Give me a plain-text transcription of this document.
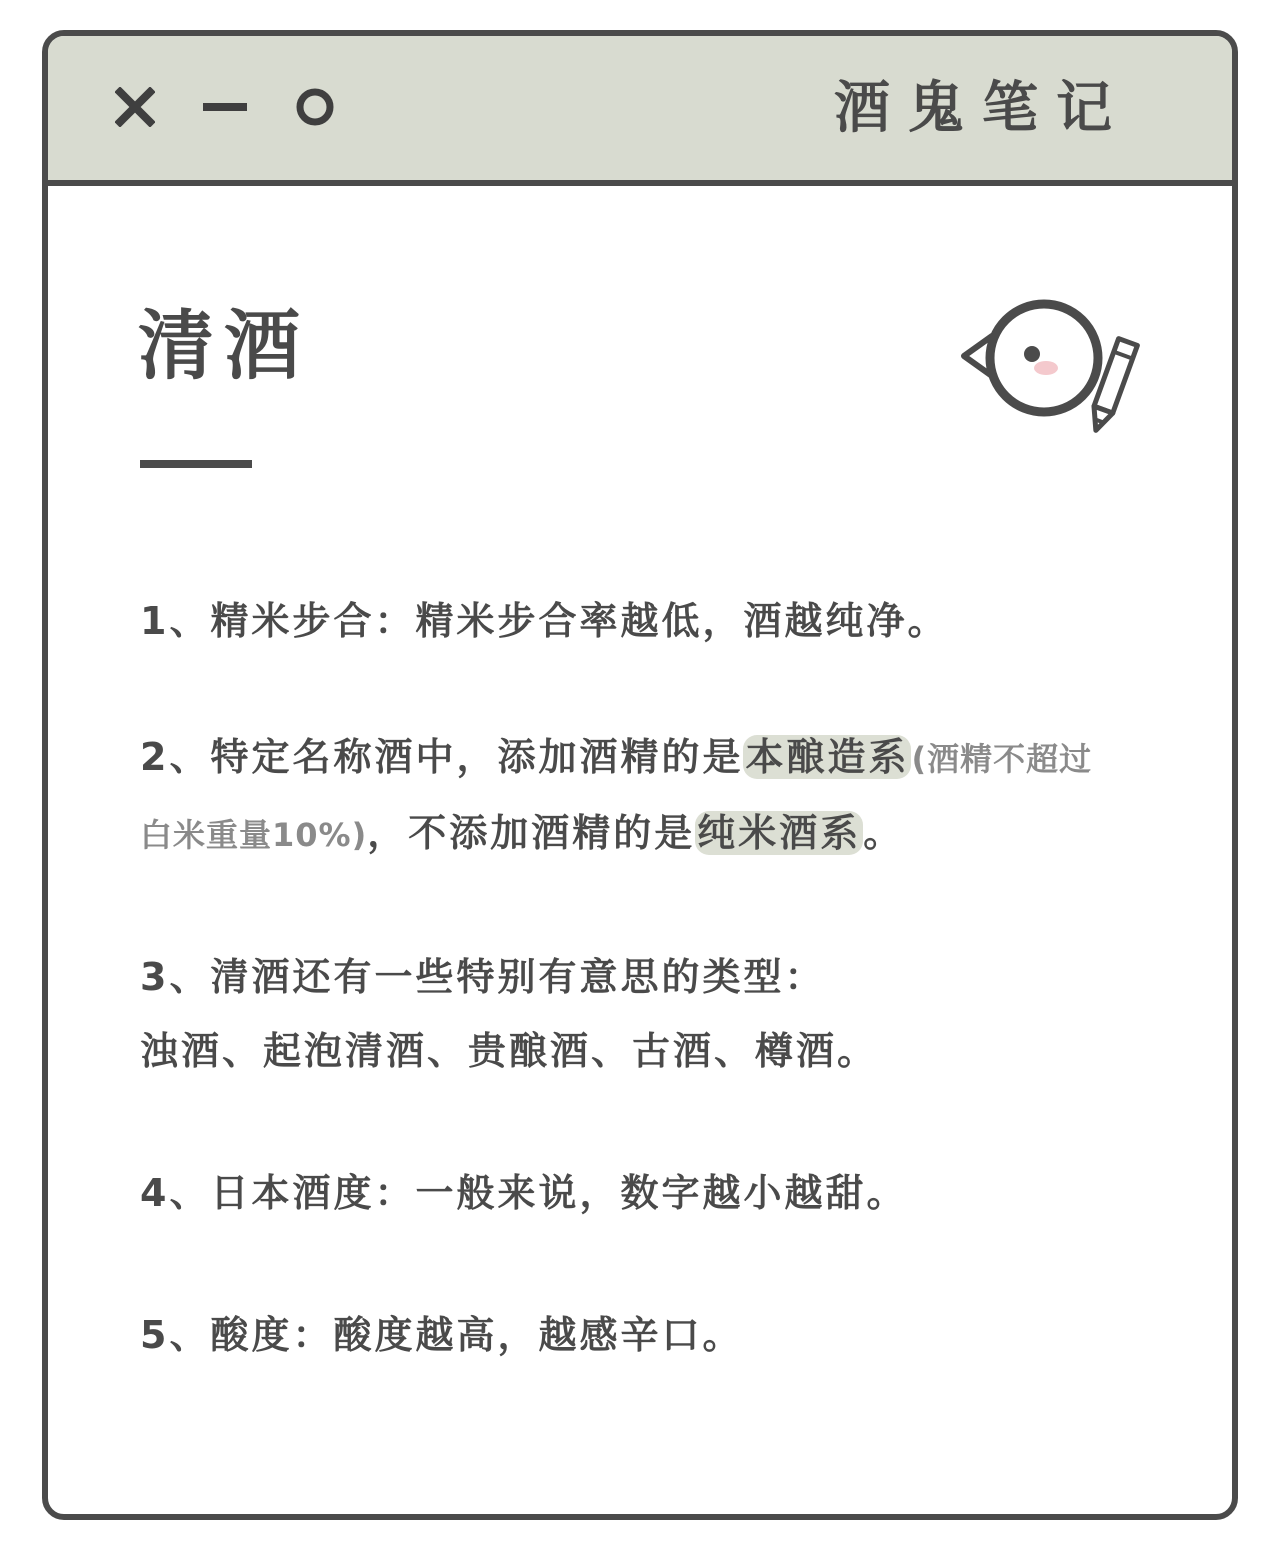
酒鬼笔记
清酒
1、精米步合：精米步合率越低，酒越纯净。
2、特定名称酒中，添加酒精的是本酿造系(酒精不超过
白米重量10%)，不添加酒精的是纯米酒系。
3、清酒还有一些特别有意思的类型：
浊酒、起泡清酒、贵酿酒、古酒、樽酒。
4、日本酒度：一般来说，数字越小越甜。
5、酸度：酸度越高，越感辛口。
